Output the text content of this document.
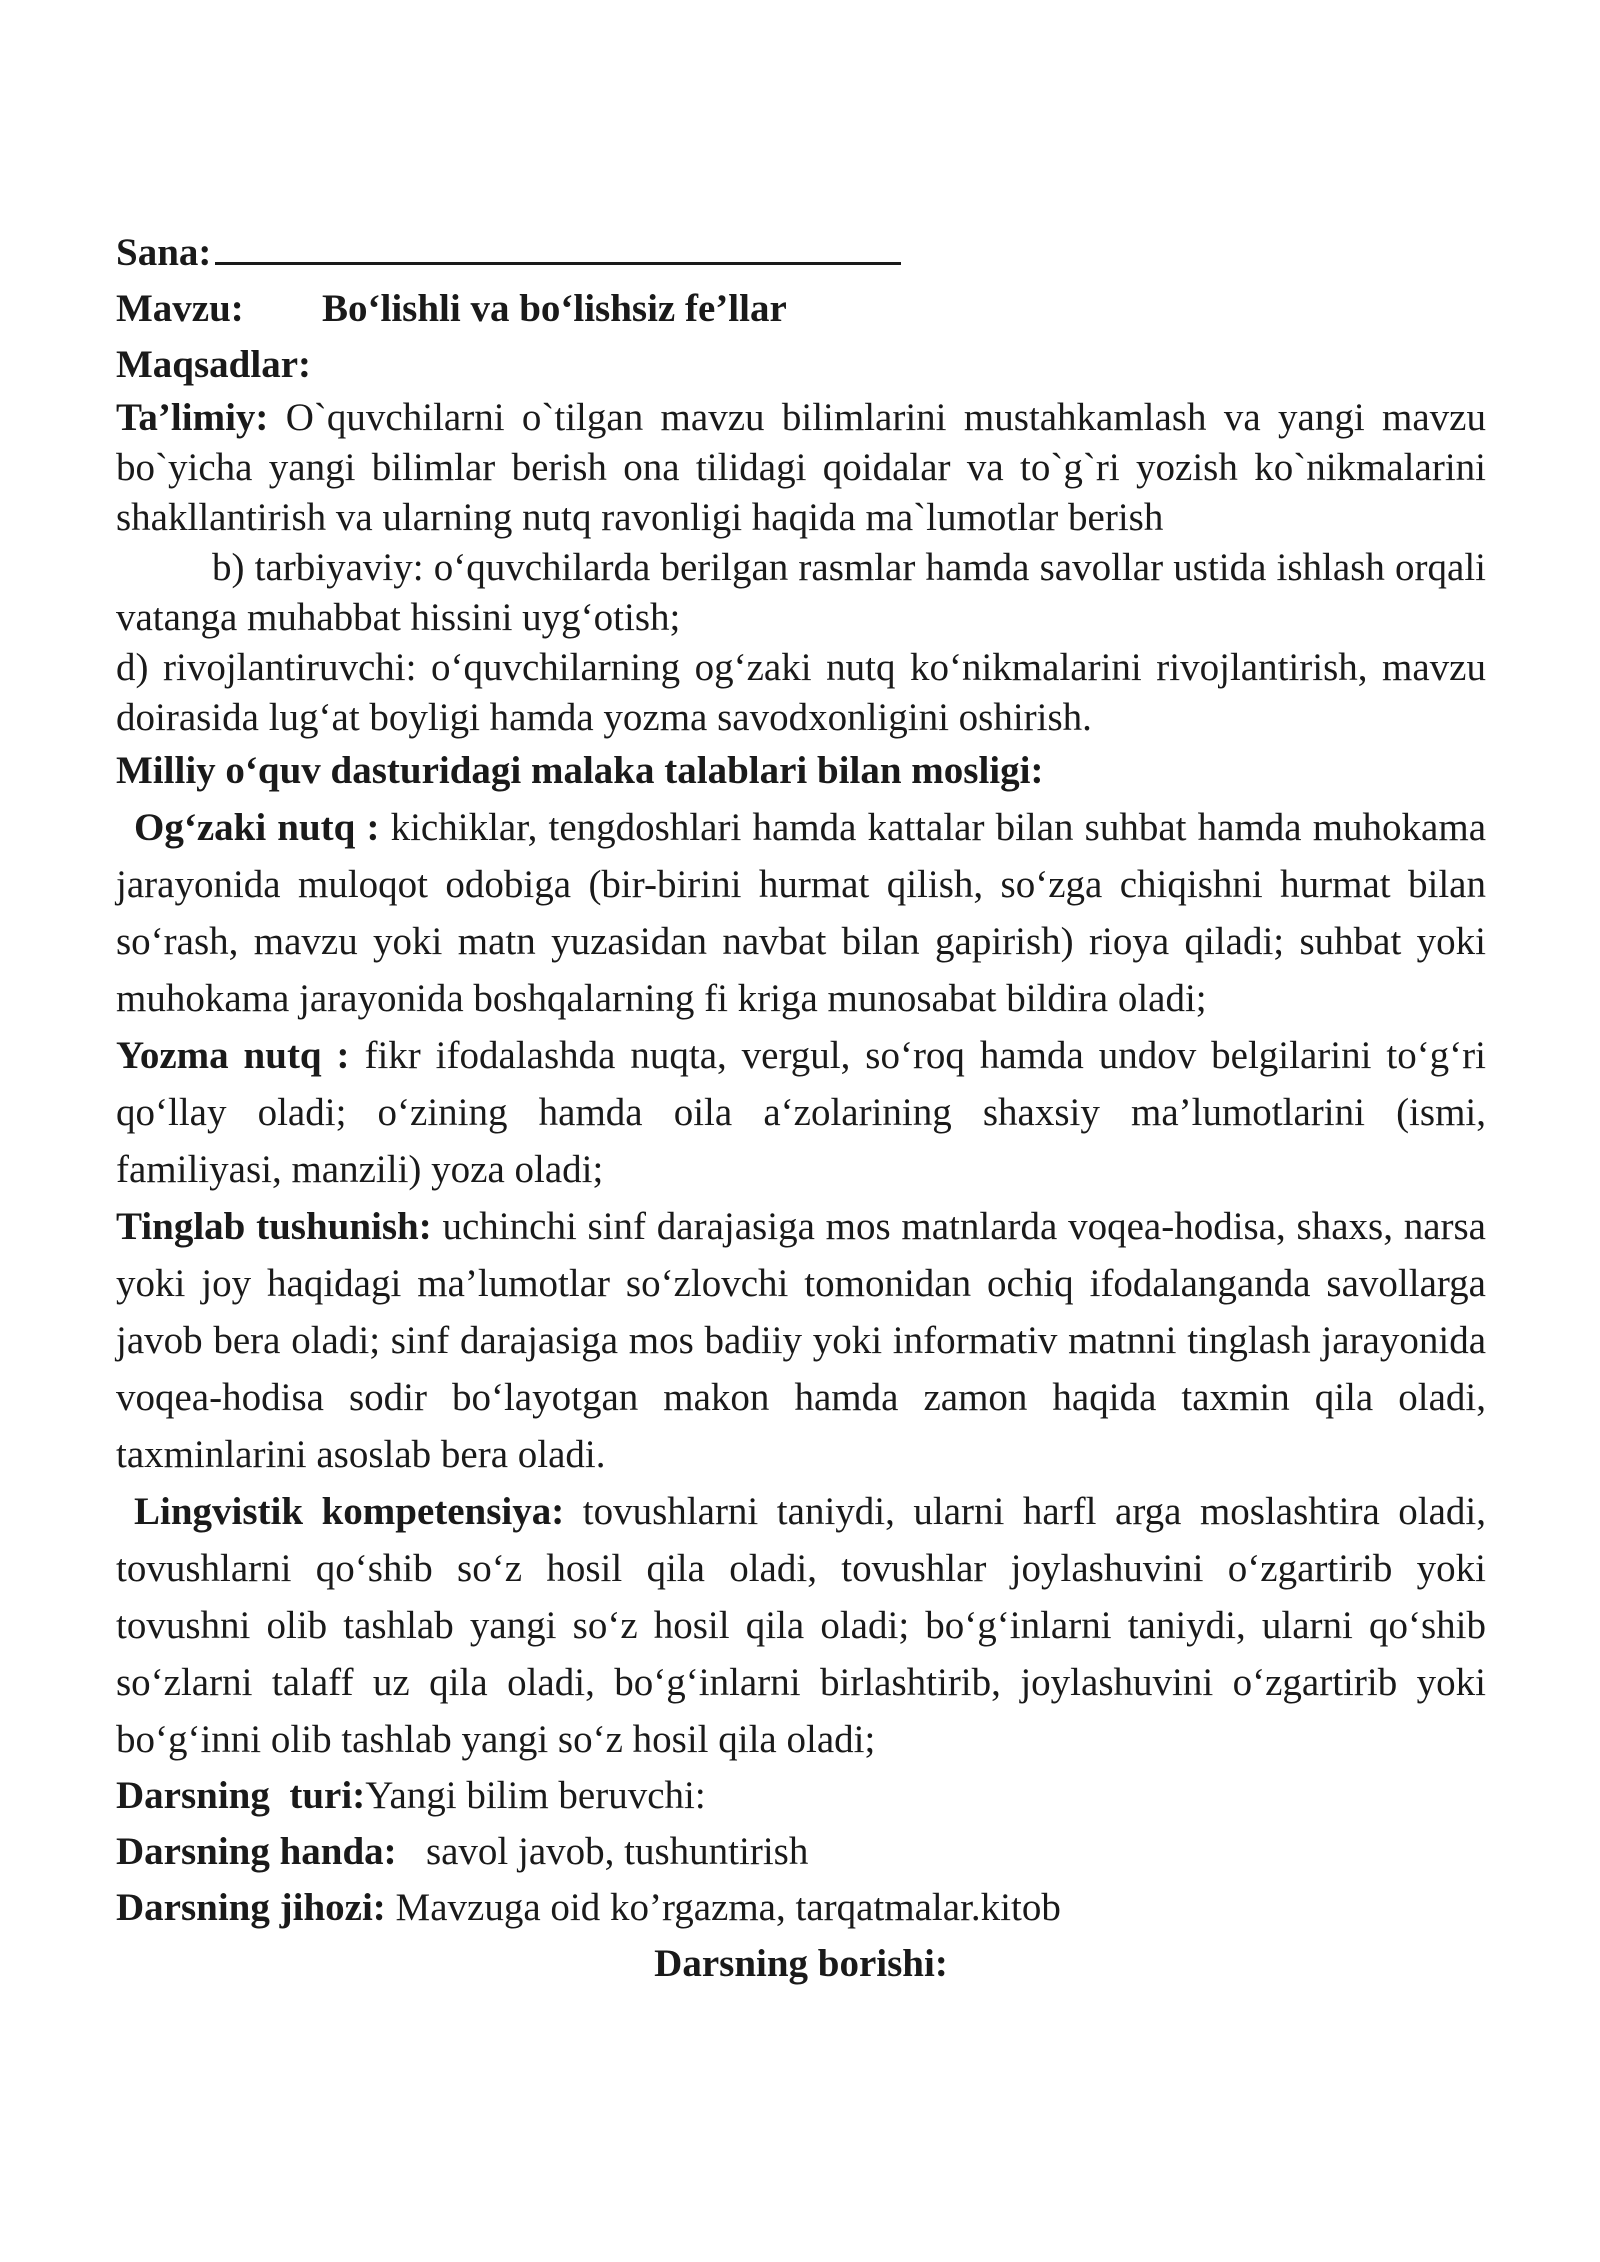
Sana:

Mavzu: Bo‘lishli va bo‘lishsiz fe’llar

Maqsadlar:

Ta’limiy: O`quvchilarni o`tilgan mavzu bilimlarini mustahkamlash va yangi mavzu bo`yicha yangi bilimlar berish ona tilidagi qoidalar va to`g`ri yozish ko`nikmalarini shakllantirish va ularning nutq ravonligi haqida ma`lumotlar berish

b) tarbiyaviy: o‘quvchilarda berilgan rasmlar hamda savollar ustida ishlash orqali vatanga muhabbat hissini uyg‘otish;

d) rivojlantiruvchi: o‘quvchilarning og‘zaki nutq ko‘nikmalarini rivojlantirish, mavzu doirasida lug‘at boyligi hamda yozma savodxonligini oshirish.

Milliy o‘quv dasturidagi malaka talablari bilan mosligi:

Og‘zaki nutq : kichiklar, tengdoshlari hamda kattalar bilan suhbat hamda muhokama jarayonida muloqot odobiga (bir-birini hurmat qilish, so‘zga chiqishni hurmat bilan so‘rash, mavzu yoki matn yuzasidan navbat bilan gapirish) rioya qiladi; suhbat yoki muhokama jarayonida boshqalarning fi kriga munosabat bildira oladi;

Yozma nutq : fikr ifodalashda nuqta, vergul, so‘roq hamda undov belgilarini to‘g‘ri qo‘llay oladi; o‘zining hamda oila a‘zolarining shaxsiy ma’lumotlarini (ismi, familiyasi, manzili) yoza oladi;

Tinglab tushunish: uchinchi sinf darajasiga mos matnlarda voqea-hodisa, shaxs, narsa yoki joy haqidagi ma’lumotlar so‘zlovchi tomonidan ochiq ifodalanganda savollarga javob bera oladi; sinf darajasiga mos badiiy yoki informativ matnni tinglash jarayonida voqea-hodisa sodir bo‘layotgan makon hamda zamon haqida taxmin qila oladi, taxminlarini asoslab bera oladi.

Lingvistik kompetensiya: tovushlarni taniydi, ularni harfl arga moslashtira oladi, tovushlarni qo‘shib so‘z hosil qila oladi, tovushlar joylashuvini o‘zgartirib yoki tovushni olib tashlab yangi so‘z hosil qila oladi; bo‘g‘inlarni taniydi, ularni qo‘shib so‘zlarni talaff uz qila oladi, bo‘g‘inlarni birlashtirib, joylashuvini o‘zgartirib yoki bo‘g‘inni olib tashlab yangi so‘z hosil qila oladi;

Darsning  turi:Yangi bilim beruvchi:

Darsning handa:   savol javob, tushuntirish

Darsning jihozi: Mavzuga oid ko’rgazma, tarqatmalar.kitob

Darsning borishi:
